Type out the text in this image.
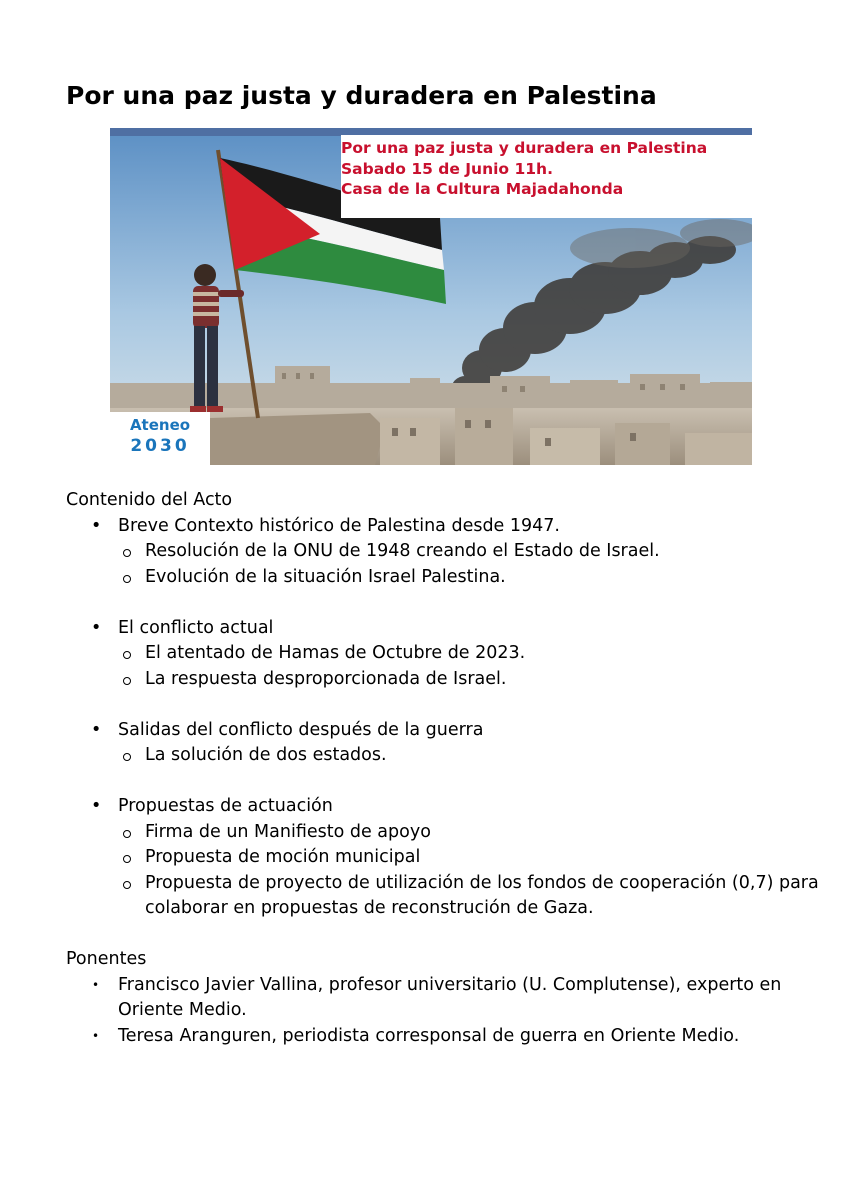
Por una paz justa y duradera en Palestina
Por una paz justa y duradera en Palestina
Sabado 15 de Junio 11h.
Casa de la Cultura Majadahonda
Ateneo
2030

Contenido del Acto

• Breve Contexto histórico de Palestina desde 1947.
Resolución de la ONU de 1948 creando el Estado de Israel.
Evolución de la situación Israel Palestina.
• El conflicto actual
El atentado de Hamas de Octubre de 2023.
La respuesta desproporcionada de Israel.
• Salidas del conflicto después de la guerra
La solución de dos estados.
• Propuestas de actuación
Firma de un Manifiesto de apoyo
Propuesta de moción municipal
Propuesta de proyecto de utilización de los fondos de cooperación (0,7) para colaborar en propuestas de reconstrución de Gaza.

Ponentes

• Francisco Javier Vallina, profesor universitario (U. Complutense), experto en Oriente Medio.
• Teresa Aranguren, periodista corresponsal de guerra en Oriente Medio.
